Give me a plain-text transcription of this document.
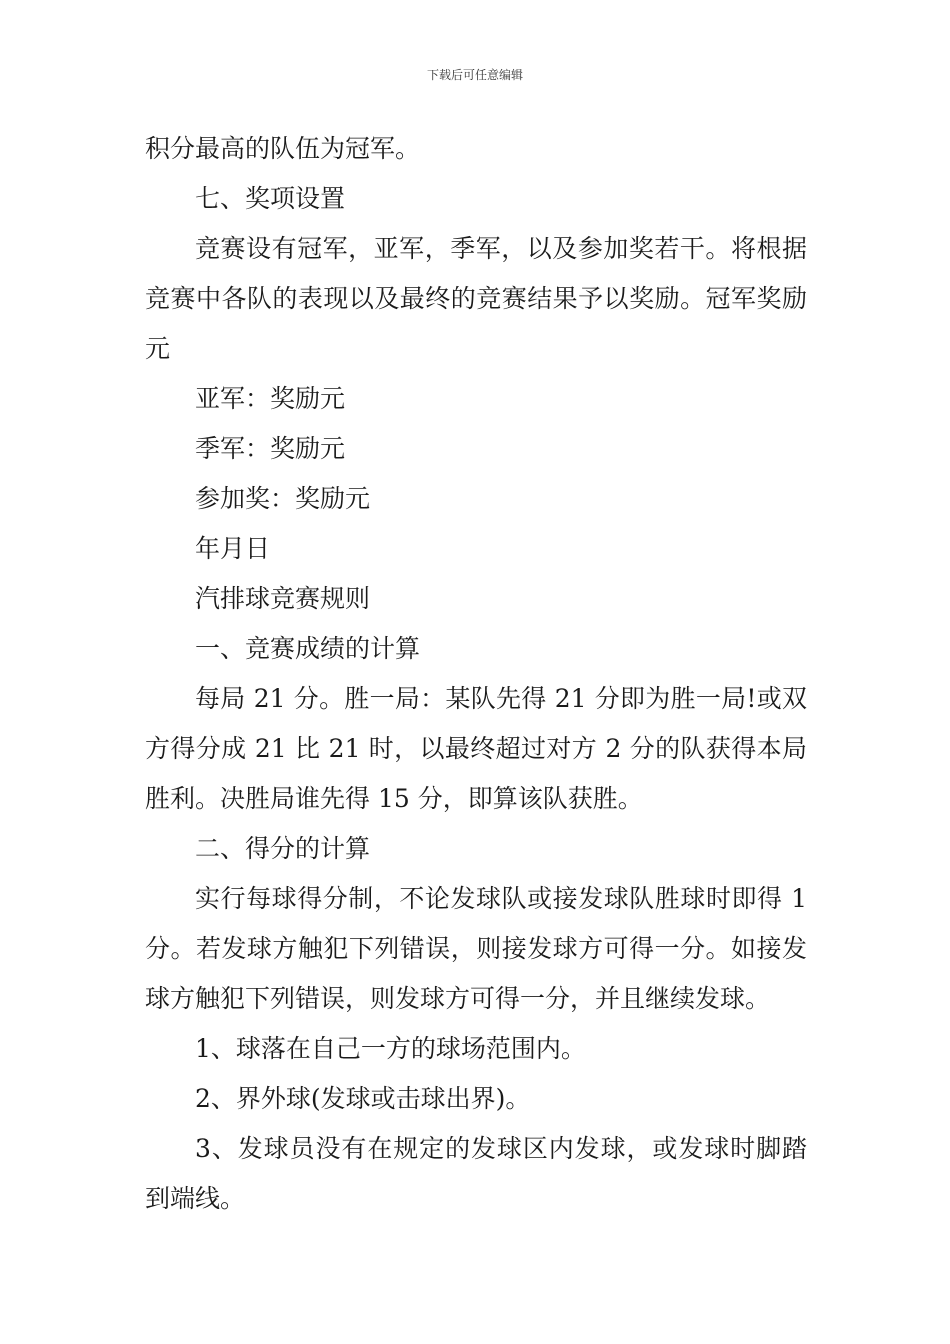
下载后可任意编辑

积分最高的队伍为冠军。

七、奖项设置

竞赛设有冠军，亚军，季军，以及参加奖若干。将根据竞赛中各队的表现以及最终的竞赛结果予以奖励。冠军奖励元

亚军：奖励元

季军：奖励元

参加奖：奖励元

年月日

汽排球竞赛规则

一、竞赛成绩的计算

每局 21 分。胜一局：某队先得 21 分即为胜一局!或双方得分成 21 比 21 时，以最终超过对方 2 分的队获得本局胜利。决胜局谁先得 15 分，即算该队获胜。

二、得分的计算

实行每球得分制，不论发球队或接发球队胜球时即得 1 分。若发球方触犯下列错误，则接发球方可得一分。如接发球方触犯下列错误，则发球方可得一分，并且继续发球。

1、球落在自己一方的球场范围内。

2、界外球(发球或击球出界)。

3、发球员没有在规定的发球区内发球，或发球时脚踏到端线。
